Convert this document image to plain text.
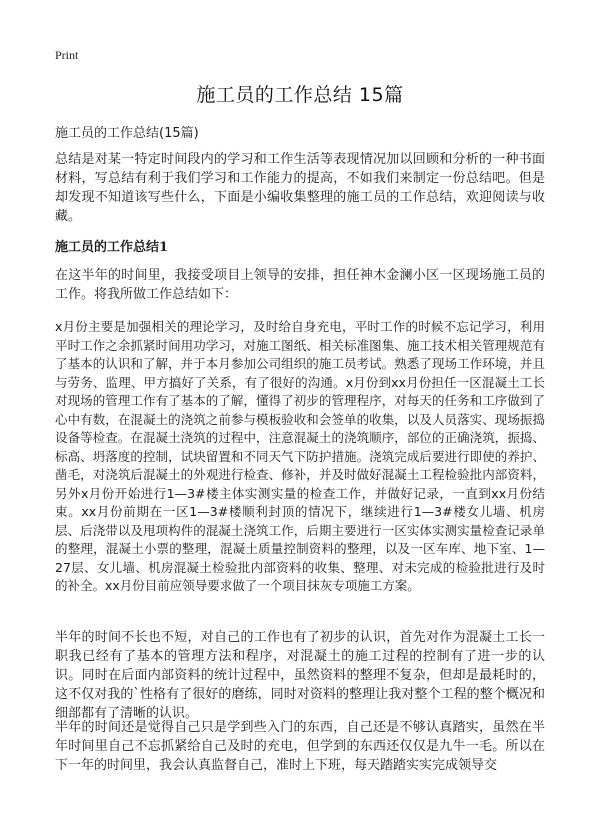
Print
施工员的工作总结 15篇
施工员的工作总结(15篇)
总结是对某一特定时间段内的学习和工作生活等表现情况加以回顾和分析的一种书面材料，写总结有利于我们学习和工作能力的提高，不如我们来制定一份总结吧。但是却发现不知道该写些什么，下面是小编收集整理的施工员的工作总结，欢迎阅读与收藏。
施工员的工作总结1
在这半年的时间里，我接受项目上领导的安排，担任神木金澜小区一区现场施工员的工作。将我所做工作总结如下：
x月份主要是加强相关的理论学习，及时给自身充电，平时工作的时候不忘记学习，利用平时工作之余抓紧时间用功学习，对施工图纸、相关标准图集、施工技术相关管理规范有了基本的认识和了解，并于本月参加公司组织的施工员考试。熟悉了现场工作环境，并且与劳务、监理、甲方搞好了关系，有了很好的沟通。x月份到xx月份担任一区混凝土工长对现场的管理工作有了基本的了解，懂得了初步的管理程序，对每天的任务和工序做到了心中有数，在混凝土的浇筑之前参与模板验收和会签单的收集，以及人员落实、现场振捣设备等检查。在混凝土浇筑的过程中，注意混凝土的浇筑顺序，部位的正确浇筑，振捣、标高、坍落度的控制，试块留置和不同天气下防护措施。浇筑完成后要进行即使的养护、凿毛，对浇筑后混凝土的外观进行检查、修补，并及时做好混凝土工程检验批内部资料，另外x月份开始进行1—3#楼主体实测实量的检查工作，并做好记录，一直到xx月份结束。xx月份前期在一区1—3#楼顺利封顶的情况下，继续进行1—3#楼女儿墙、机房层、后浇带以及甩项构件的混凝土浇筑工作，后期主要进行一区实体实测实量检查记录单的整理，混凝土小票的整理，混凝土质量控制资料的整理，以及一区车库、地下室、1—27层、女儿墙、机房混凝土检验批内部资料的收集、整理、对未完成的检验批进行及时的补全。xx月份目前应领导要求做了一个项目抹灰专项施工方案。
半年的时间不长也不短，对自己的工作也有了初步的认识，首先对作为混凝土工长一职我已经有了基本的管理方法和程序，对混凝土的施工过程的控制有了进一步的认识。同时在后面内部资料的统计过程中，虽然资料的整理不复杂，但却是最耗时的，这不仅对我的`性格有了很好的磨练，同时对资料的整理让我对整个工程的整个概况和细部都有了清晰的认识。
半年的时间还是觉得自己只是学到些入门的东西，自己还是不够认真踏实，虽然在半年时间里自己不忘抓紧给自己及时的充电，但学到的东西还仅仅是九牛一毛。所以在下一年的时间里，我会认真监督自己，准时上下班，每天踏踏实实完成领导交
